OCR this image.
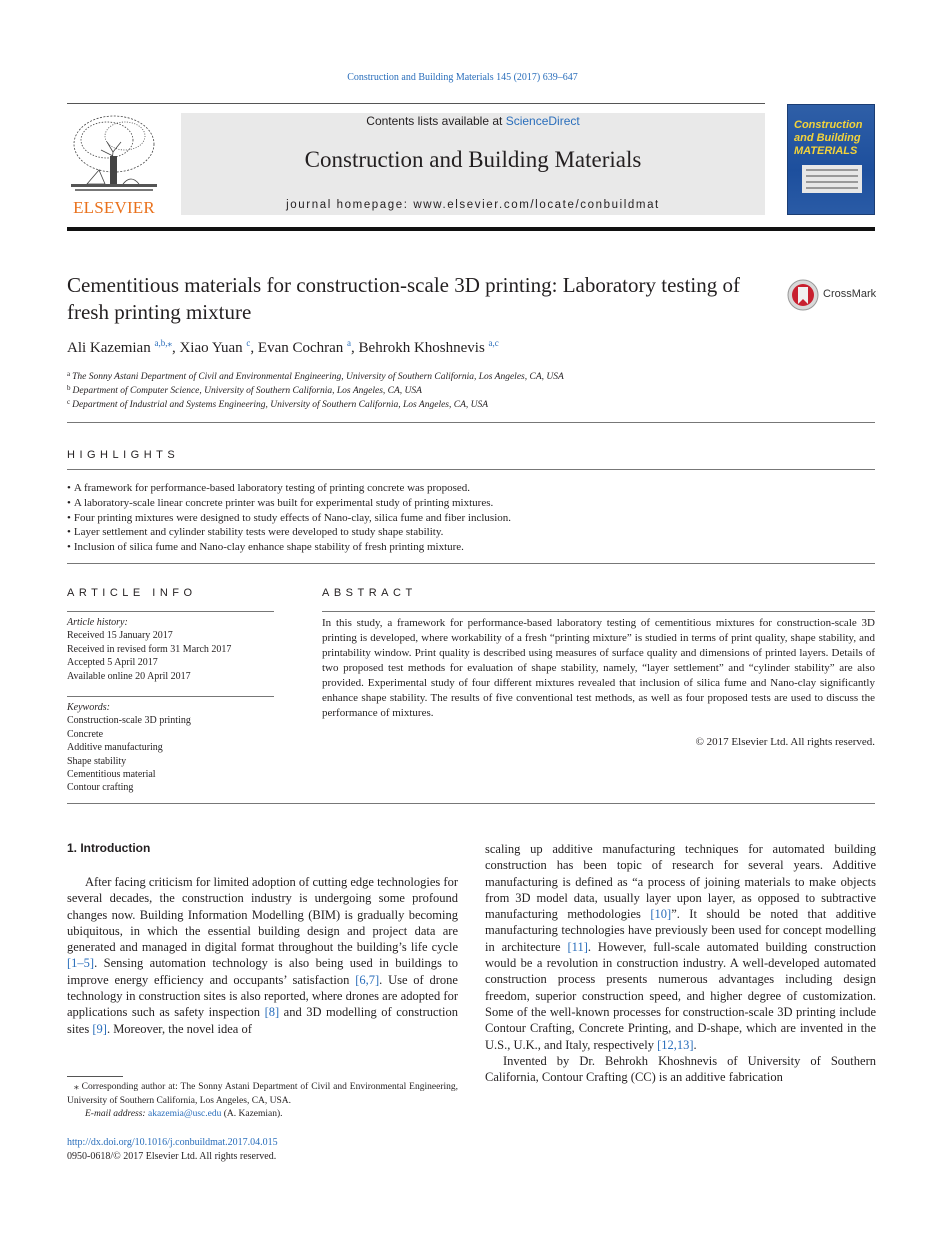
Construction and Building Materials 145 (2017) 639–647
ELSEVIER
Contents lists available at ScienceDirect
Construction and Building Materials
journal homepage: www.elsevier.com/locate/conbuildmat
Construction and Building MATERIALS
Cementitious materials for construction-scale 3D printing: Laboratory testing of fresh printing mixture
CrossMark
Ali Kazemian $^{a,b,⁎}$, Xiao Yuan $^c$, Evan Cochran $^a$, Behrokh Khoshnevis $^{a,c}$
$^a$ The Sonny Astani Department of Civil and Environmental Engineering, University of Southern California, Los Angeles, CA, USA
$^b$ Department of Computer Science, University of Southern California, Los Angeles, CA, USA
$^c$ Department of Industrial and Systems Engineering, University of Southern California, Los Angeles, CA, USA
HIGHLIGHTS
• A framework for performance-based laboratory testing of printing concrete was proposed.
• A laboratory-scale linear concrete printer was built for experimental study of printing mixtures.
• Four printing mixtures were designed to study effects of Nano-clay, silica fume and fiber inclusion.
• Layer settlement and cylinder stability tests were developed to study shape stability.
• Inclusion of silica fume and Nano-clay enhance shape stability of fresh printing mixture.
ARTICLE INFO
Article history:
Received 15 January 2017
Received in revised form 31 March 2017
Accepted 5 April 2017
Available online 20 April 2017
Keywords:
Construction-scale 3D printing
Concrete
Additive manufacturing
Shape stability
Cementitious material
Contour crafting
ABSTRACT
In this study, a framework for performance-based laboratory testing of cementitious mixtures for construction-scale 3D printing is developed, where workability of a fresh “printing mixture” is studied in terms of print quality, shape stability, and printability window. Print quality is described using measures of surface quality and dimensions of printed layers. Details of two proposed test methods for evaluation of shape stability, namely, “layer settlement” and “cylinder stability” are also provided. Experimental study of four different mixtures revealed that inclusion of silica fume and Nano-clay significantly enhance shape stability. The results of five conventional test methods, as well as four proposed tests are used to discuss the performance of mixtures.
© 2017 Elsevier Ltd. All rights reserved.
1. Introduction

After facing criticism for limited adoption of cutting edge technologies for several decades, the construction industry is undergoing some profound changes now. Building Information Modelling (BIM) is gradually becoming ubiquitous, in which the essential building design and project data are generated and managed in digital format throughout the building’s life cycle [1–5]. Sensing automation technology is also being used in buildings to improve energy efficiency and occupants’ satisfaction [6,7]. Use of drone technology in construction sites is also reported, where drones are adopted for applications such as safety inspection [8] and 3D modelling of construction sites [9]. Moreover, the novel idea of

scaling up additive manufacturing techniques for automated building construction has been topic of research for several years. Additive manufacturing is defined as “a process of joining materials to make objects from 3D model data, usually layer upon layer, as opposed to subtractive manufacturing methodologies [10]”. It should be noted that additive manufacturing technologies have previously been used for concept modelling in architecture [11]. However, full-scale automated building construction would be a revolution in construction industry. A well-developed automated construction process presents numerous advantages including design freedom, superior construction speed, and higher degree of customization. Some of the well-known processes for construction-scale 3D printing include Contour Crafting, Concrete Printing, and D-shape, which are invented in the U.S., U.K., and Italy, respectively [12,13].

Invented by Dr. Behrokh Khoshnevis of University of Southern California, Contour Crafting (CC) is an additive fabrication

⁎ Corresponding author at: The Sonny Astani Department of Civil and Environmental Engineering, University of Southern California, Los Angeles, CA, USA.
E-mail address: akazemia@usc.edu (A. Kazemian).
http://dx.doi.org/10.1016/j.conbuildmat.2017.04.015
0950-0618/© 2017 Elsevier Ltd. All rights reserved.
